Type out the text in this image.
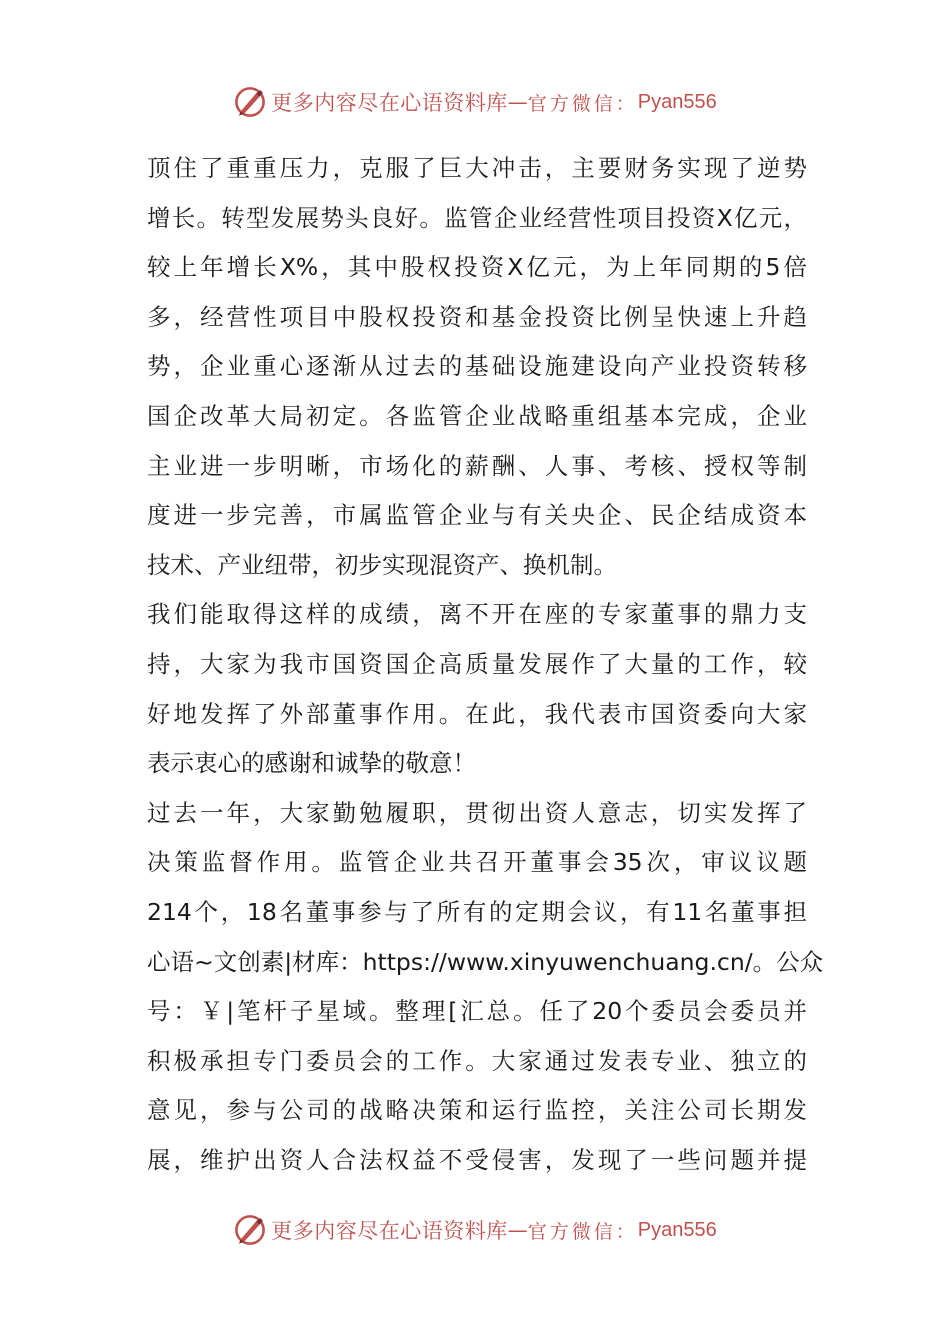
更多内容尽在心语资料库 — 官方微信： Pyan556
顶住了重重压力，克服了巨大冲击，主要财务实现了逆势
增长。转型发展势头良好。监管企业经营性项目投资X亿元，
较上年增长X%，其中股权投资X亿元，为上年同期的5倍
多，经营性项目中股权投资和基金投资比例呈快速上升趋
势，企业重心逐渐从过去的基础设施建设向产业投资转移
国企改革大局初定。各监管企业战略重组基本完成，企业
主业进一步明晰，市场化的薪酬、人事、考核、授权等制
度进一步完善，市属监管企业与有关央企、民企结成资本
技术、产业纽带，初步实现混资产、换机制。
我们能取得这样的成绩，离不开在座的专家董事的鼎力支
持，大家为我市国资国企高质量发展作了大量的工作，较
好地发挥了外部董事作用。在此，我代表市国资委向大家
表示衷心的感谢和诚挚的敬意！
过去一年，大家勤勉履职，贯彻出资人意志，切实发挥了
决策监督作用。监管企业共召开董事会35次，审议议题
214个，18名董事参与了所有的定期会议，有11名董事担
心语~文创素|材库：https://www.xinyuwenchuang.cn/。公众
号：￥|笔杆子星域。整理[汇总。任了20个委员会委员并
积极承担专门委员会的工作。大家通过发表专业、独立的
意见，参与公司的战略决策和运行监控，关注公司长期发
展，维护出资人合法权益不受侵害，发现了一些问题并提
更多内容尽在心语资料库 — 官方微信： Pyan556
